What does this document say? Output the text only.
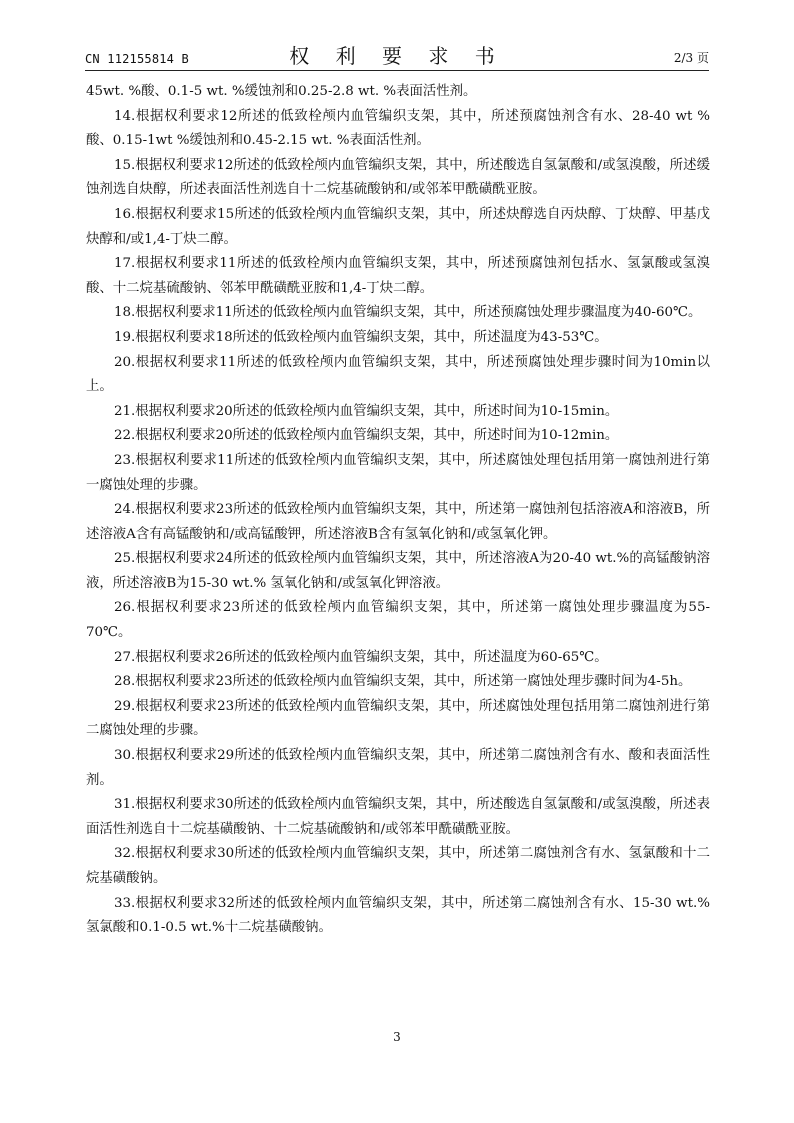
CN 112155814 B	权 利 要 求 书	2/3 页

45wt. %酸、0.1-5 wt. %缓蚀剂和0.25-2.8 wt. %表面活性剂。

14.根据权利要求12所述的低致栓颅内血管编织支架，其中，所述预腐蚀剂含有水、28-40 wt %酸、0.15-1wt %缓蚀剂和0.45-2.15 wt. %表面活性剂。

15.根据权利要求12所述的低致栓颅内血管编织支架，其中，所述酸选自氢氯酸和/或氢溴酸，所述缓蚀剂选自炔醇，所述表面活性剂选自十二烷基硫酸钠和/或邻苯甲酰磺酰亚胺。

16.根据权利要求15所述的低致栓颅内血管编织支架，其中，所述炔醇选自丙炔醇、丁炔醇、甲基戊炔醇和/或1,4-丁炔二醇。

17.根据权利要求11所述的低致栓颅内血管编织支架，其中，所述预腐蚀剂包括水、氢氯酸或氢溴酸、十二烷基硫酸钠、邻苯甲酰磺酰亚胺和1,4-丁炔二醇。

18.根据权利要求11所述的低致栓颅内血管编织支架，其中，所述预腐蚀处理步骤温度为40-60℃。

19.根据权利要求18所述的低致栓颅内血管编织支架，其中，所述温度为43-53℃。

20.根据权利要求11所述的低致栓颅内血管编织支架，其中，所述预腐蚀处理步骤时间为10min以上。

21.根据权利要求20所述的低致栓颅内血管编织支架，其中，所述时间为10-15min。

22.根据权利要求20所述的低致栓颅内血管编织支架，其中，所述时间为10-12min。

23.根据权利要求11所述的低致栓颅内血管编织支架，其中，所述腐蚀处理包括用第一腐蚀剂进行第一腐蚀处理的步骤。

24.根据权利要求23所述的低致栓颅内血管编织支架，其中，所述第一腐蚀剂包括溶液A和溶液B，所述溶液A含有高锰酸钠和/或高锰酸钾，所述溶液B含有氢氧化钠和/或氢氧化钾。

25.根据权利要求24所述的低致栓颅内血管编织支架，其中，所述溶液A为20-40 wt.%的高锰酸钠溶液，所述溶液B为15-30 wt.% 氢氧化钠和/或氢氧化钾溶液。

26.根据权利要求23所述的低致栓颅内血管编织支架，其中，所述第一腐蚀处理步骤温度为55-70℃。

27.根据权利要求26所述的低致栓颅内血管编织支架，其中，所述温度为60-65℃。

28.根据权利要求23所述的低致栓颅内血管编织支架，其中，所述第一腐蚀处理步骤时间为4-5h。

29.根据权利要求23所述的低致栓颅内血管编织支架，其中，所述腐蚀处理包括用第二腐蚀剂进行第二腐蚀处理的步骤。

30.根据权利要求29所述的低致栓颅内血管编织支架，其中，所述第二腐蚀剂含有水、酸和表面活性剂。

31.根据权利要求30所述的低致栓颅内血管编织支架，其中，所述酸选自氢氯酸和/或氢溴酸，所述表面活性剂选自十二烷基磺酸钠、十二烷基硫酸钠和/或邻苯甲酰磺酰亚胺。

32.根据权利要求30所述的低致栓颅内血管编织支架，其中，所述第二腐蚀剂含有水、氢氯酸和十二烷基磺酸钠。

33.根据权利要求32所述的低致栓颅内血管编织支架，其中，所述第二腐蚀剂含有水、15-30 wt.%氢氯酸和0.1-0.5 wt.%十二烷基磺酸钠。

3
